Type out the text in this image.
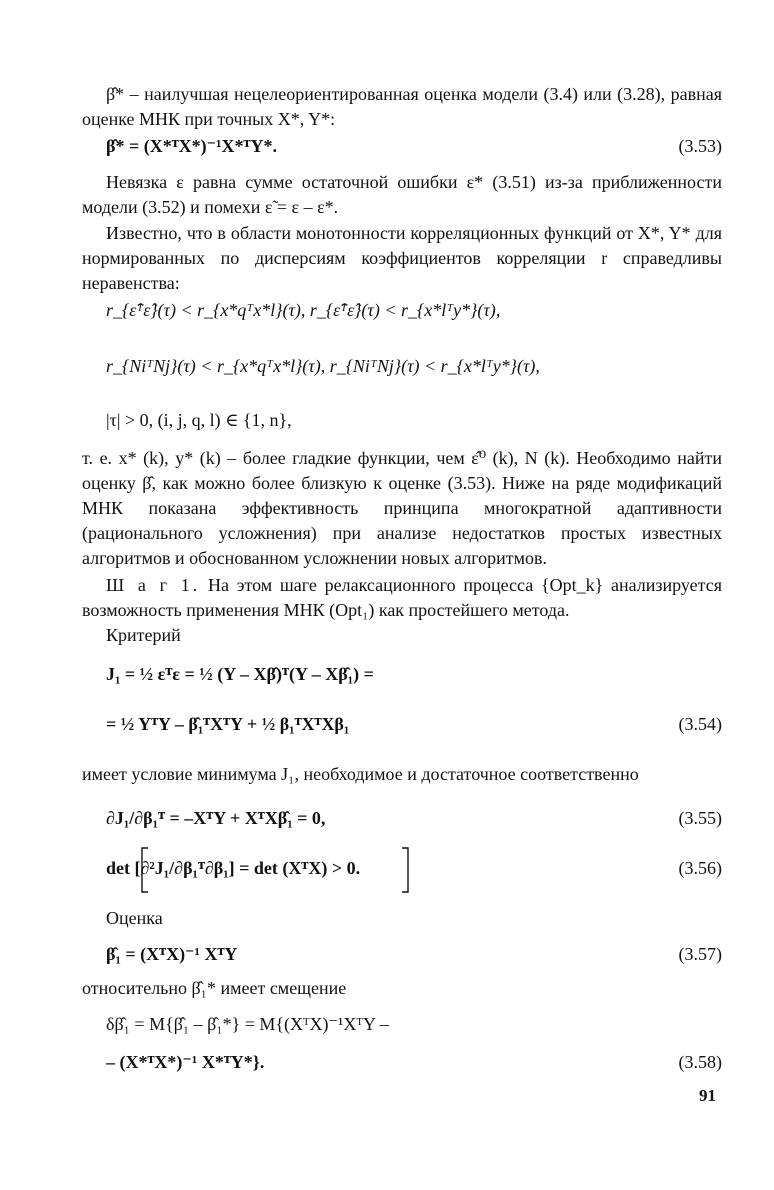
β̂* – наилучшая нецелеориентированная оценка модели (3.4) или (3.28), равная оценке МНК при точных X*, Y*:

β̂* = (X*ᵀX*)⁻¹X*ᵀY*.	(3.53)

Невязка ε равна сумме остаточной ошибки ε* (3.51) из-за приближенности модели (3.52) и помехи ε̃ = ε – ε*.

Известно, что в области монотонности корреляционных функций от X*, Y* для нормированных по дисперсиям коэффициентов корреляции r справедливы неравенства:

r_{ε̂ᵀε̂}(τ) < r_{x*qᵀx*l}(τ), r_{ε̂ᵀε̂}(τ) < r_{x*lᵀy*}(τ),
r_{NiᵀNj}(τ) < r_{x*qᵀx*l}(τ), r_{NiᵀNj}(τ) < r_{x*lᵀy*}(τ),
|τ| > 0, (i, j, q, l) ∈ {1, n},

т. е. x* (k), y* (k) – более гладкие функции, чем ε̂⁰ (k), N (k). Необходимо найти оценку β̂, как можно более близкую к оценке (3.53). Ниже на ряде модификаций МНК показана эффективность принципа многократной адаптивности (рационального усложнения) при анализе недостатков простых известных алгоритмов и обоснованном усложнении новых алгоритмов.

Ш а г 1. На этом шаге релаксационного процесса {Opt_k} анализируется возможность применения МНК (Opt₁) как простейшего метода.

Критерий

J₁ = ½ εᵀε = ½ (Y – Xβ̂)ᵀ(Y – Xβ̂₁) =
= ½ YᵀY – β̂₁ᵀXᵀY + ½ β₁ᵀXᵀXβ₁	(3.54)

имеет условие минимума J₁, необходимое и достаточное соответственно

∂J₁/∂β₁ᵀ = –XᵀY + XᵀXβ̂₁ = 0,	(3.55)
det [∂²J₁/∂β₁ᵀ∂β₁] = det (XᵀX) > 0.	(3.56)

Оценка

β̂₁ = (XᵀX)⁻¹ XᵀY	(3.57)

относительно β̂₁* имеет смещение

δβ̂₁ = M{β̂₁ – β̂₁*} = M{(XᵀX)⁻¹XᵀY –
– (X*ᵀX*)⁻¹ X*ᵀY*}.	(3.58)
91
